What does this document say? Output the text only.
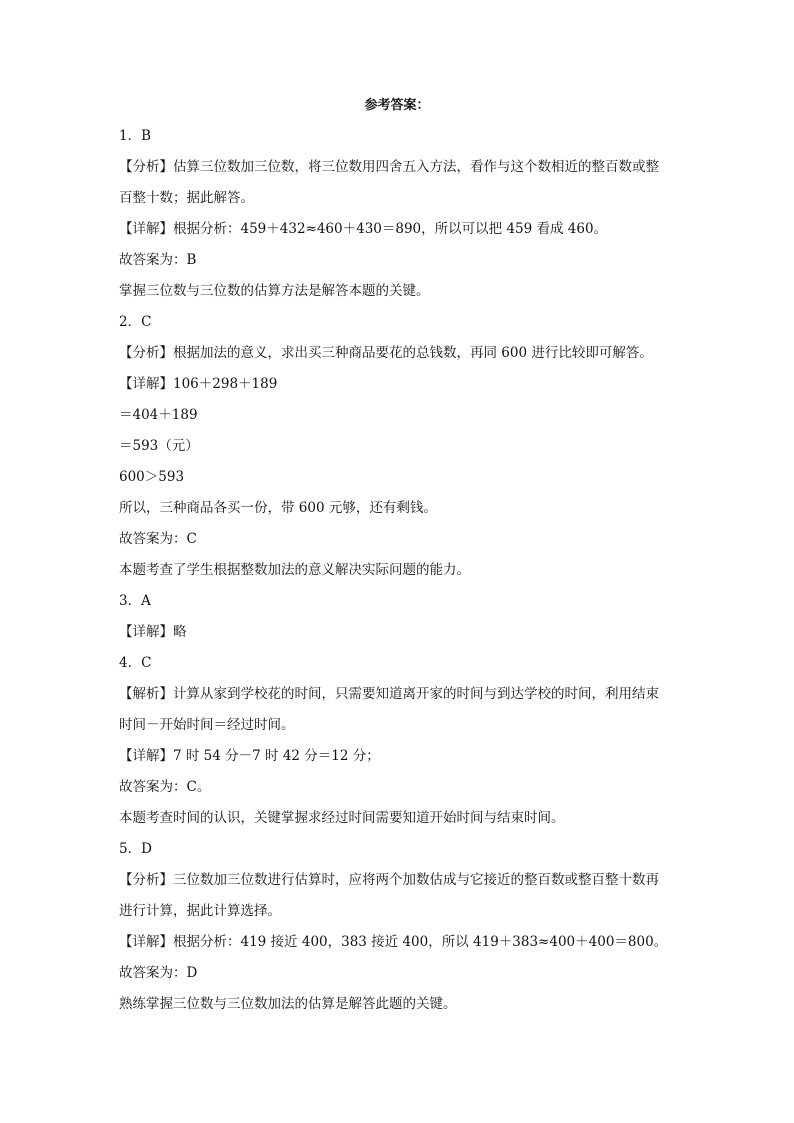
参考答案：
1．B
【分析】估算三位数加三位数，将三位数用四舍五入方法，看作与这个数相近的整百数或整
百整十数；据此解答。
【详解】根据分析：459＋432≈460＋430＝890，所以可以把 459 看成 460。
故答案为：B
掌握三位数与三位数的估算方法是解答本题的关键。
2．C
【分析】根据加法的意义，求出买三种商品要花的总钱数，再同 600 进行比较即可解答。
【详解】106＋298＋189
＝404＋189
＝593（元）
600＞593
所以，三种商品各买一份，带 600 元够，还有剩钱。
故答案为：C
本题考查了学生根据整数加法的意义解决实际问题的能力。
3．A
【详解】略
4．C
【解析】计算从家到学校花的时间，只需要知道离开家的时间与到达学校的时间，利用结束
时间－开始时间＝经过时间。
【详解】7 时 54 分－7 时 42 分＝12 分；
故答案为：C。
本题考查时间的认识，关键掌握求经过时间需要知道开始时间与结束时间。
5．D
【分析】三位数加三位数进行估算时，应将两个加数估成与它接近的整百数或整百整十数再
进行计算，据此计算选择。
【详解】根据分析：419 接近 400，383 接近 400，所以 419＋383≈400＋400＝800。
故答案为：D
熟练掌握三位数与三位数加法的估算是解答此题的关键。
